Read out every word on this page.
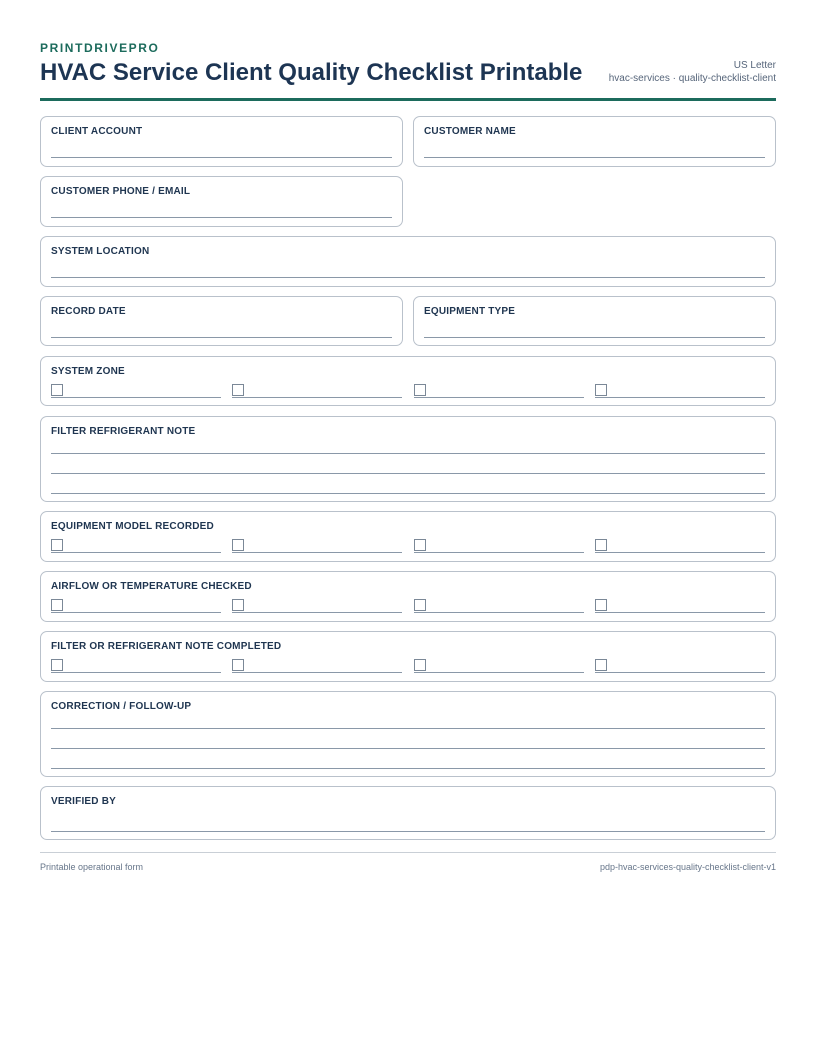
PRINTDRIVEPRO
HVAC Service Client Quality Checklist Printable	US Letter
hvac-services · quality-checklist-client
CLIENT ACCOUNT	CUSTOMER NAME
CUSTOMER PHONE / EMAIL
SYSTEM LOCATION
RECORD DATE	EQUIPMENT TYPE
SYSTEM ZONE
FILTER REFRIGERANT NOTE
EQUIPMENT MODEL RECORDED
AIRFLOW OR TEMPERATURE CHECKED
FILTER OR REFRIGERANT NOTE COMPLETED
CORRECTION / FOLLOW-UP
VERIFIED BY
Printable operational form	pdp-hvac-services-quality-checklist-client-v1
